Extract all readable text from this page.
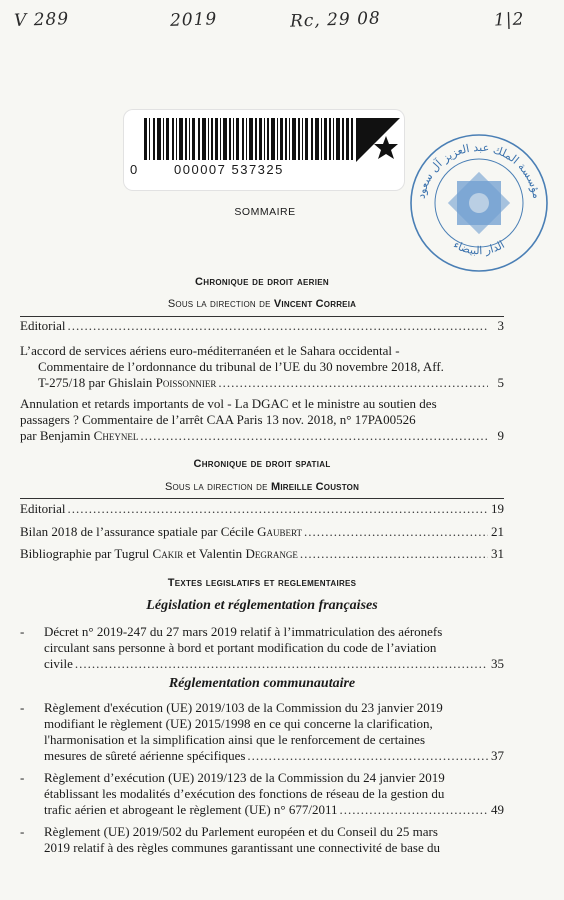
V 289	2019	Rc, 29 08	1|2
0	000007 537325
مؤسسة الملك عبد العزيز آل سعود
الدار البيضاء
SOMMAIRE
Chronique de droit aerien
Sous la direction de Vincent Correia
Editorial .....	3
L’accord de services aériens euro-méditerranéen et le Sahara occidental -
Commentaire de l’ordonnance du tribunal de l’UE du 30 novembre 2018, Aff.
T-275/18 par Ghislain
Poissonnier .....	5
Annulation et retards importants de vol - La DGAC et le ministre au soutien des
passagers ? Commentaire de l’arrêt CAA Paris 13 nov. 2018, n° 17PA00526
par Benjamin
Cheynel .....	9
Chronique de droit spatial
Sous la direction de Mireille Couston
Editorial .....	19
Bilan 2018 de l’assurance spatiale par Cécile
Gaubert .....	21
Bibliographie par Tugrul
Cakir
et Valentin
Degrange .....	31
Textes legislatifs et reglementaires
Législation et réglementation françaises
- Décret n° 2019-247 du 27 mars 2019 relatif à l’immatriculation des aéronefs
circulant sans personne à bord et portant modification du code de l’aviation
civile .....	35
Réglementation communautaire
- Règlement d'exécution (UE) 2019/103 de la Commission du 23 janvier 2019
modifiant le règlement (UE) 2015/1998 en ce qui concerne la clarification,
l'harmonisation et la simplification ainsi que le renforcement de certaines
mesures de sûreté aérienne spécifiques .....	37
- Règlement d’exécution (UE) 2019/123 de la Commission du 24 janvier 2019
établissant les modalités d’exécution des fonctions de réseau de la gestion du
trafic aérien et abrogeant le règlement (UE) n° 677/2011 .....	49
- Règlement (UE) 2019/502 du Parlement européen et du Conseil du 25 mars
2019 relatif à des règles communes garantissant une connectivité de base du
